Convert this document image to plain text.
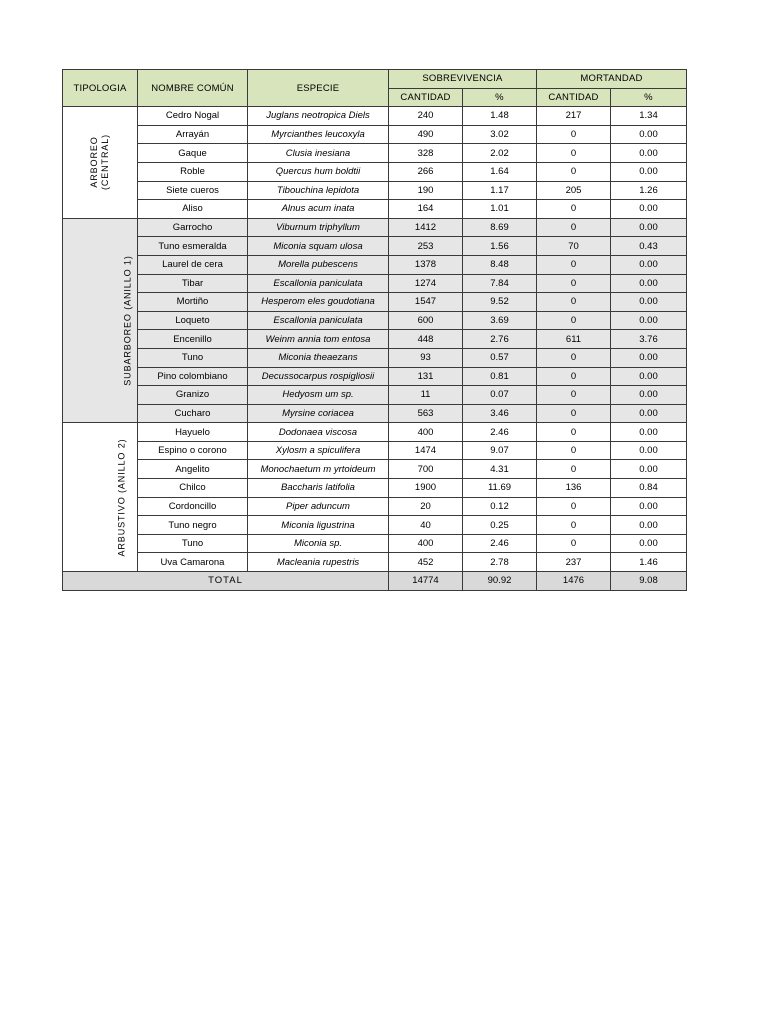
TIPOLOGIA	NOMBRE COMÚN	ESPECIE	SOBREVIVENCIA		MORTANDAD	
			CANTIDAD	%	CANTIDAD	%
ARBOREO
(CENTRAL)	Cedro Nogal	Juglans neotropica Diels	240	1.48	217	1.34
	Arrayán	Myrcianthes leucoxyla	490	3.02	0	0.00
	Gaque	Clusia inesiana	328	2.02	0	0.00
	Roble	Quercus hum boldtii	266	1.64	0	0.00
	Siete cueros	Tibouchina lepidota	190	1.17	205	1.26
	Aliso	Alnus acum inata	164	1.01	0	0.00
SUBARBOREO (ANILLO 1)	Garrocho	Viburnum triphyllum	1412	8.69	0	0.00
	Tuno esmeralda	Miconia squam ulosa	253	1.56	70	0.43
	Laurel de cera	Morella pubescens	1378	8.48	0	0.00
	Tibar	Escallonia paniculata	1274	7.84	0	0.00
	Mortiño	Hesperom eles goudotiana	1547	9.52	0	0.00
	Loqueto	Escallonia paniculata	600	3.69	0	0.00
	Encenillo	Weinm annia tom entosa	448	2.76	611	3.76
	Tuno	Miconia theaezans	93	0.57	0	0.00
	Pino colombiano	Decussocarpus rospigliosii	131	0.81	0	0.00
	Granizo	Hedyosm um sp.	11	0.07	0	0.00
	Cucharo	Myrsine coriacea	563	3.46	0	0.00
ARBUSTIVO (ANILLO 2)	Hayuelo	Dodonaea viscosa	400	2.46	0	0.00
	Espino o corono	Xylosm a spiculifera	1474	9.07	0	0.00
	Angelito	Monochaetum m yrtoideum	700	4.31	0	0.00
	Chilco	Baccharis latifolia	1900	11.69	136	0.84
	Cordoncillo	Piper aduncum	20	0.12	0	0.00
	Tuno negro	Miconia ligustrina	40	0.25	0	0.00
	Tuno	Miconia sp.	400	2.46	0	0.00
	Uva Camarona	Macleania rupestris	452	2.78	237	1.46
TOTAL			14774	90.92	1476	9.08
